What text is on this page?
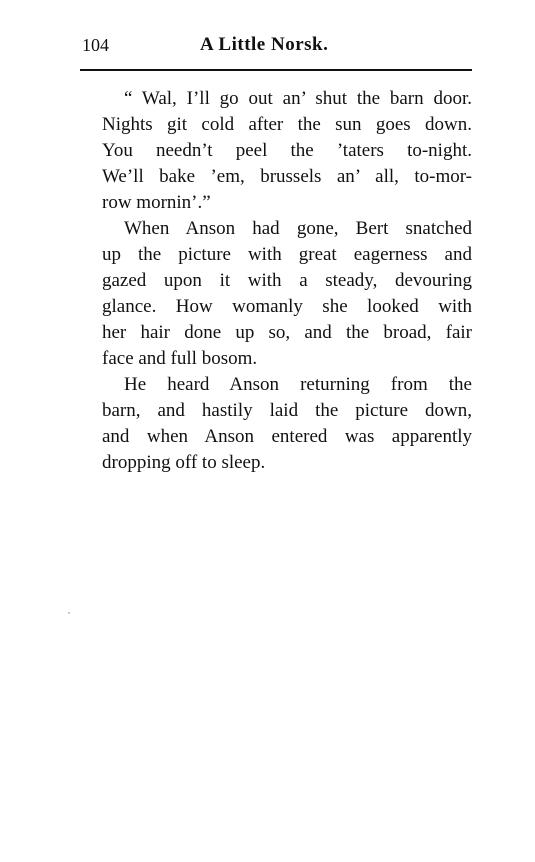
104	A Little Norsk.

“ Wal, I’ll go out an’ shut the barn door.
Nights git cold after the sun goes down.
You needn’t peel the ’taters to-night.
We’ll bake ’em, brussels an’ all, to-mor-
row mornin’.”

When Anson had gone, Bert snatched
up the picture with great eagerness and
gazed upon it with a steady, devouring
glance. How womanly she looked with
her hair done up so, and the broad, fair
face and full bosom.

He heard Anson returning from the
barn, and hastily laid the picture down,
and when Anson entered was apparently
dropping off to sleep.
